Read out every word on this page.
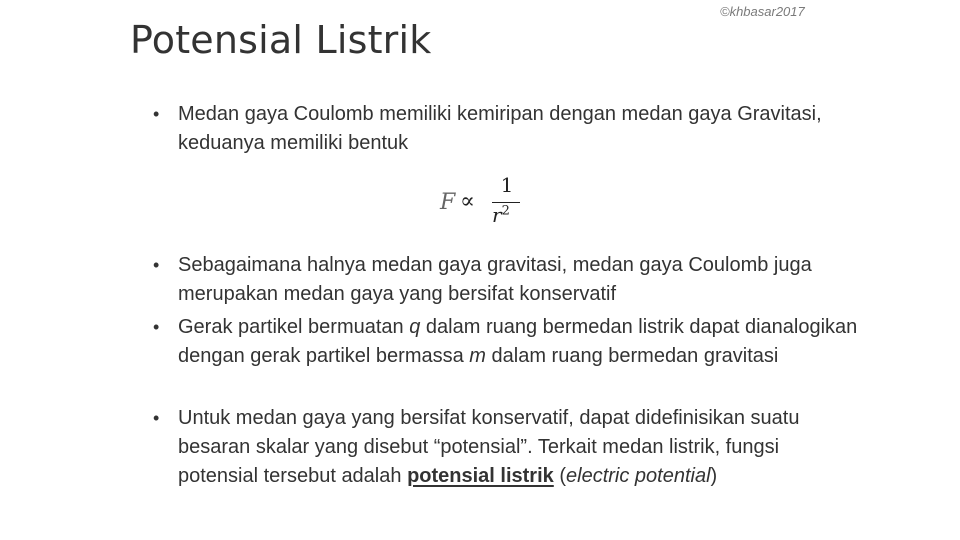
Potensial Listrik
©khbasar2017
• Medan gaya Coulomb memiliki kemiripan dengan medan gaya Gravitasi, keduanya memiliki bentuk
F ∝
1
$r^2$
• Sebagaimana halnya medan gaya gravitasi, medan gaya Coulomb juga merupakan medan gaya yang bersifat konservatif
• Gerak partikel bermuatan q dalam ruang bermedan listrik dapat dianalogikan dengan gerak partikel bermassa m dalam ruang bermedan gravitasi
• Untuk medan gaya yang bersifat konservatif, dapat didefinisikan suatu besaran skalar yang disebut “potensial”. Terkait medan listrik, fungsi potensial tersebut adalah potensial listrik (electric potential)
